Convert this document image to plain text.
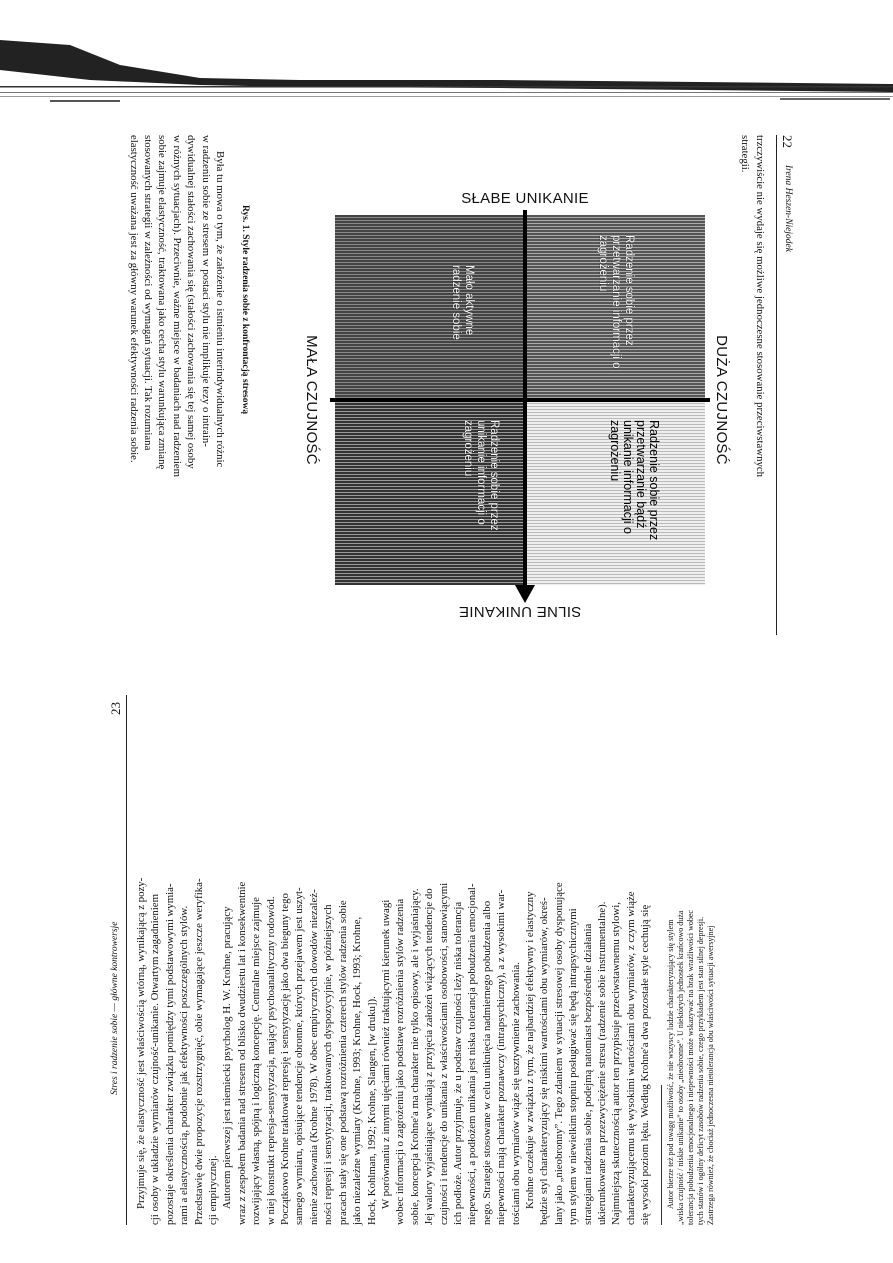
22
Irena Heszen-Niejodek
trzczywiście nie wydaje się możliwe jednoczesne stosowanie przeciwstawnych
strategii.
DUŻA CZUJNOŚĆ
MAŁA CZUJNOŚĆ
SŁABE UNIKANIE
SILNE UNIKANIE
Radzenie sobie przez przetwarzanie informacji o zagrożeniu
Radzenie sobie przez przetwarzanie bądź unikanie informacji o zagrożeniu
Mało aktywne radzenie sobie
Radzenie sobie przez unikanie informacji o zagrożeniu
Rys. 1. Style radzenia sobie z konfrontacją stresową
Była tu mowa o tym, że założenie o istnieniu interindywidualnych różnic
w radzeniu sobie ze stresem w postaci stylu nie implikuje tezy o intrain-
dywidualnej stałości zachowania się (stałości zachowania się tej samej osoby
w różnych sytuacjach). Przeciwnie, ważne miejsce w badaniach nad radzeniem
sobie zajmuje elastyczność, traktowana jako cecha stylu warunkująca zmianę
stosowanych strategii w zależności od wymagań sytuacji. Tak rozumiana
elastyczność uważana jest za główny warunek efektywności radzenia sobie.
Stres i radzenie sobie — główne kontrowersje
23
Przyjmuje się, że elastyczność jest właściwością wtórną, wynikającą z pozy- cji osoby w układzie wymiarów czujność-unikanie. Otwartym zagadnieniem pozostaje określenia charakter związku pomiędzy tymi podstawowymi wymia- rami a elastycznością, podobnie jak efektywności poszczególnych stylów. Przedstawię dwie propozycje rozstrzygnięć, obie wymagające jeszcze weryfika- cji empirycznej. Autorem pierwszej jest niemiecki psycholog H. W. Krohne, pracujący wraz z zespołem badania nad stresem od blisko dwudziestu lat i konsekwentnie rozwijający własną, spójną i logiczną koncepcję. Centralne miejsce zajmuje w niej konstrukt represja-sensytyzacja, mający psychoanalityczny rodowód. Początkowo Krohne traktował represję i sensytyzację jako dwa bieguny tego samego wymiaru, opisujące tendencje obronne, których przejawem jest uszyt- nienie zachowania (Krohne 1978). W obec empirycznych dowodów niezależ- ności represji i sensytyzacji, traktowanych dyspozycyjnie, w późniejszych pracach stały się one podstawą rozróżnienia czterech stylów radzenia sobie jako niezależne wymiary (Krohne, 1993; Krohne, Hock, 1993; Krohne, Hock, Kohlman, 1992; Krohne, Slangen, [w druku]). W porównaniu z innymi ujęciami również traktującymi kierunek uwagi wobec informacji o zagrożeniu jako podstawę rozróżnienia stylów radzenia sobie, koncepcja Krohne'a ma charakter nie tylko opisowy, ale i wyjaśniający. Jej walory wyjaśniające wynikają z przyjęcia założeń wiążących tendencje do czujności i tendencje do unikania z właściwościami osobowości, stanowiącymi ich podłoże. Autor przyjmuje, że u podstaw czujności leży niska tolerancja niepewności, a podłożem unikania jest niska tolerancja pobudzenia emocjonal- nego. Strategie stosowane w celu uniknięcia nadmiernego pobudzenia albo niepewności mają charakter poznawczy (intrapsychiczny), a z wysokimi war- tościami obu wymiarów wiąże się usztywnienie zachowania. Krohne oczekuje w związku z tym, że najbardziej efektywny i elastyczny będzie styl charakteryzujący się niskimi wartościami obu wymiarów, okreś- lany jako „nieobronny”. Tego zdaniem w sytuacji stresowej osoby dysponujące tym stylem w niewielkim stopniu posługiwać się będą intrapsychicznymi strategiami radzenia sobie, podejmą natomiast bezpośrednie działania ukierunkowane na przezwyciężenie stresu (radzenie sobie instrumentalne). Najmniejszą skutecznością autor ten przypisuje przeciwstawnemu stylowi, charakteryzującemu się wysokimi wartościami obu wymiarów, z czym wiąże się wysoki poziom lęku. Według Krohne'a dwa pozostałe style cechują się Autor bierze też pod uwagę możliwość, że nie wszyscy ludzie charakteryzujący się stylem „wiska czujność / niskie unikanie” to osoby „nieobronne”. U niektórych jednostek krańcowo duża tolerancja pobudzenia emocjonalnego i niepewności może wskazywać na brak wrażliwości wobec tych stanów i ogólny deficyt zasobów radzenia sobie, czego przykładem jest stan silnej depresji. Zastrzega również, że chociaż jednoczesna nietolerancja obu właściwości sytuacji awersyjnej
